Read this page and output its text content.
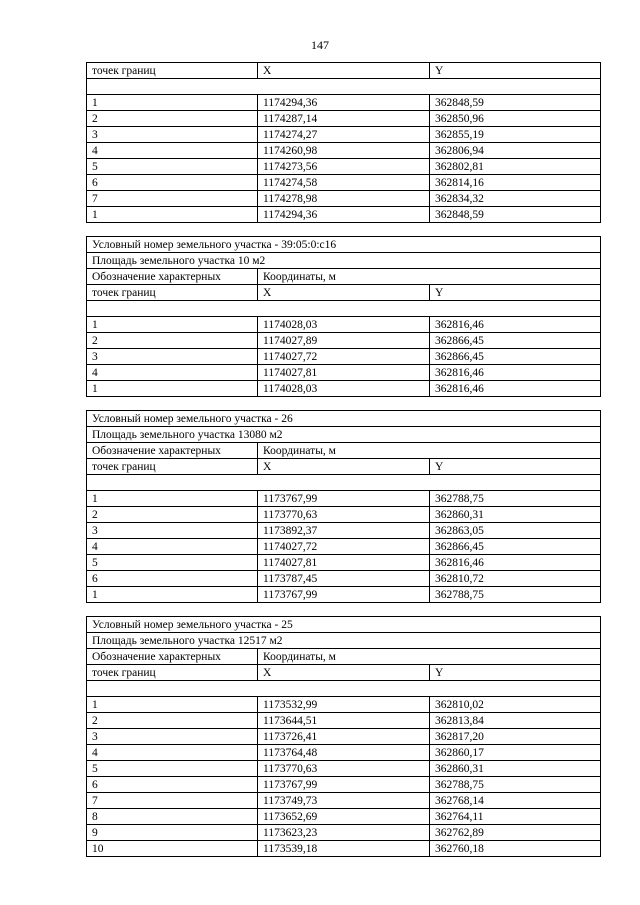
147
точек границ	X	Y

1	1174294,36	362848,59
2	1174287,14	362850,96
3	1174274,27	362855,19
4	1174260,98	362806,94
5	1174273,56	362802,81
6	1174274,58	362814,16
7	1174278,98	362834,32
1	1174294,36	362848,59
Условный номер земельного участка - 39:05:0:c16		
Площадь земельного участка 10 м2		
Обозначение характерных	Координаты, м	
точек границ	X	Y

1	1174028,03	362816,46
2	1174027,89	362866,45
3	1174027,72	362866,45
4	1174027,81	362816,46
1	1174028,03	362816,46
Условный номер земельного участка - 26		
Площадь земельного участка 13080 м2		
Обозначение характерных	Координаты, м	
точек границ	X	Y

1	1173767,99	362788,75
2	1173770,63	362860,31
3	1173892,37	362863,05
4	1174027,72	362866,45
5	1174027,81	362816,46
6	1173787,45	362810,72
1	1173767,99	362788,75
Условный номер земельного участка - 25		
Площадь земельного участка 12517 м2		
Обозначение характерных	Координаты, м	
точек границ	X	Y

1	1173532,99	362810,02
2	1173644,51	362813,84
3	1173726,41	362817,20
4	1173764,48	362860,17
5	1173770,63	362860,31
6	1173767,99	362788,75
7	1173749,73	362768,14
8	1173652,69	362764,11
9	1173623,23	362762,89
10	1173539,18	362760,18
